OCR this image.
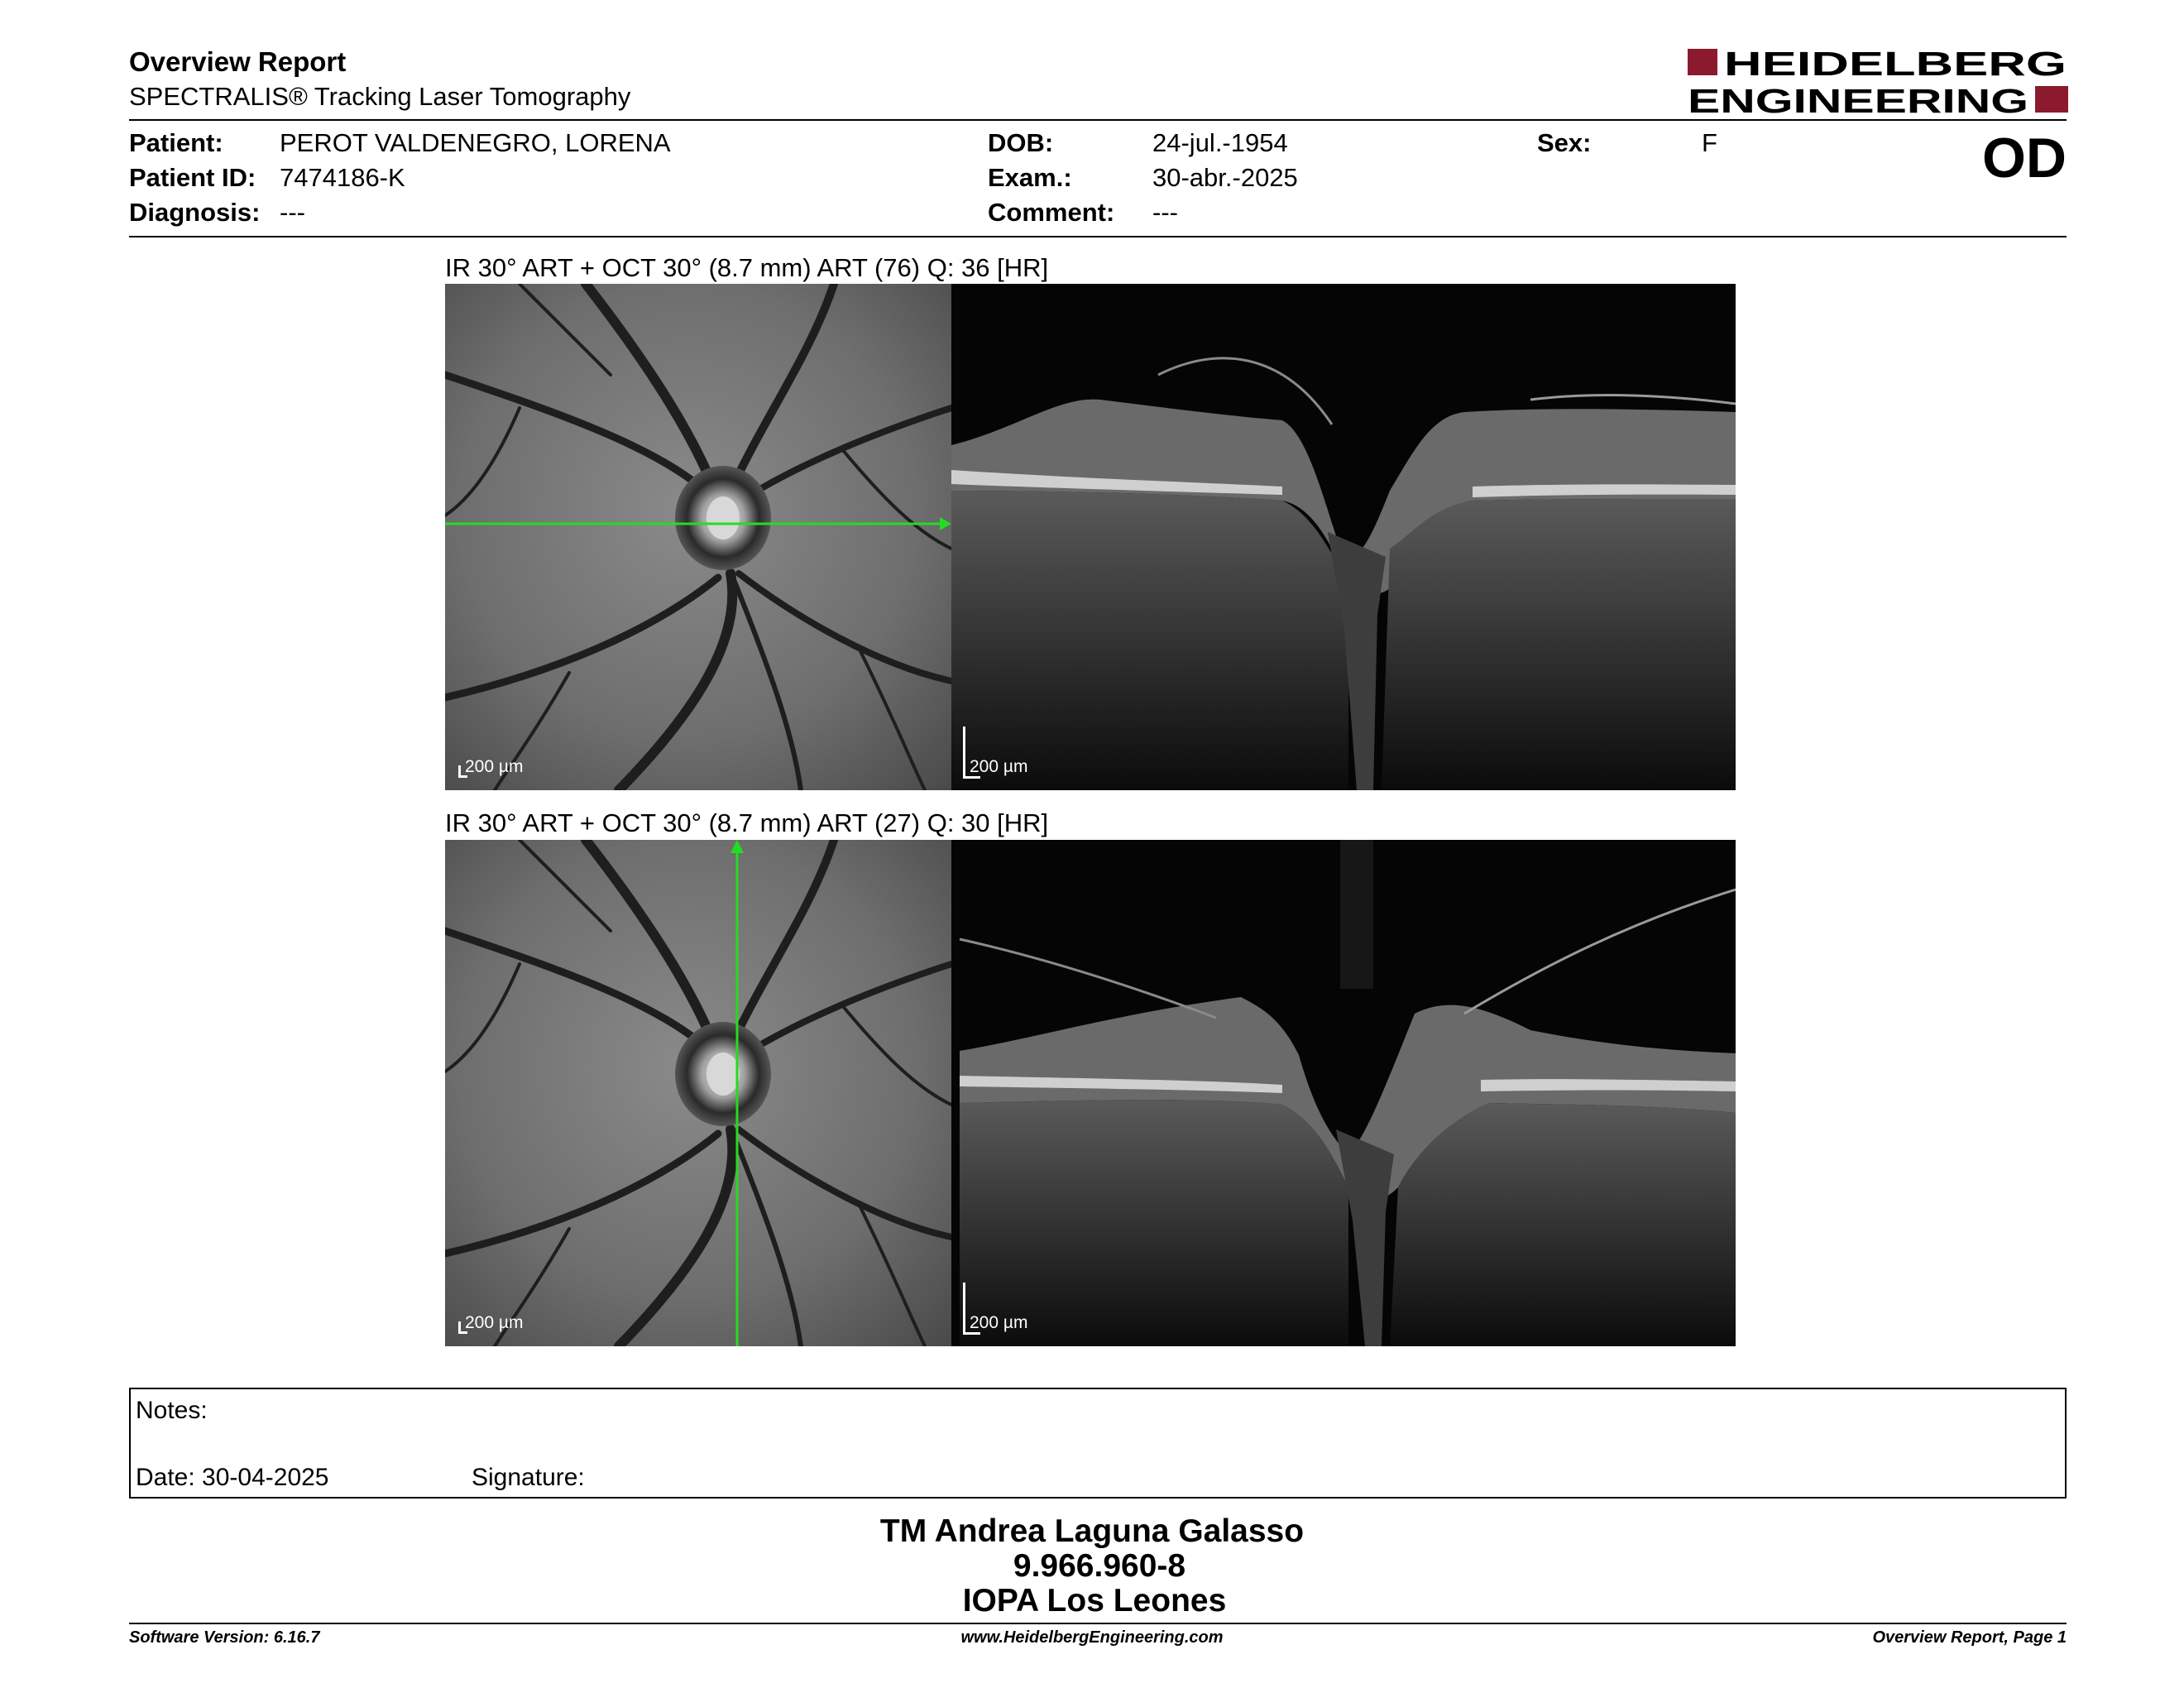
Overview Report
SPECTRALIS® Tracking Laser Tomography
HEIDELBERG
ENGINEERING
Patient: PEROT VALDENEGRO, LORENA
Patient ID: 7474186-K
Diagnosis: ---
DOB:	24-jul.-1954
Exam.:	30-abr.-2025
Comment: ---
Sex:	F	OD
IR 30° ART + OCT 30° (8.7 mm) ART (76) Q: 36 [HR]
200 µm	200 µm
IR 30° ART + OCT 30° (8.7 mm) ART (27) Q: 30 [HR]
200 µm	200 µm
Notes:
Date: 30-04-2025	Signature:
TM Andrea Laguna Galasso
9.966.960-8
IOPA Los Leones
Software Version: 6.16.7	www.HeidelbergEngineering.com	Overview Report, Page 1
